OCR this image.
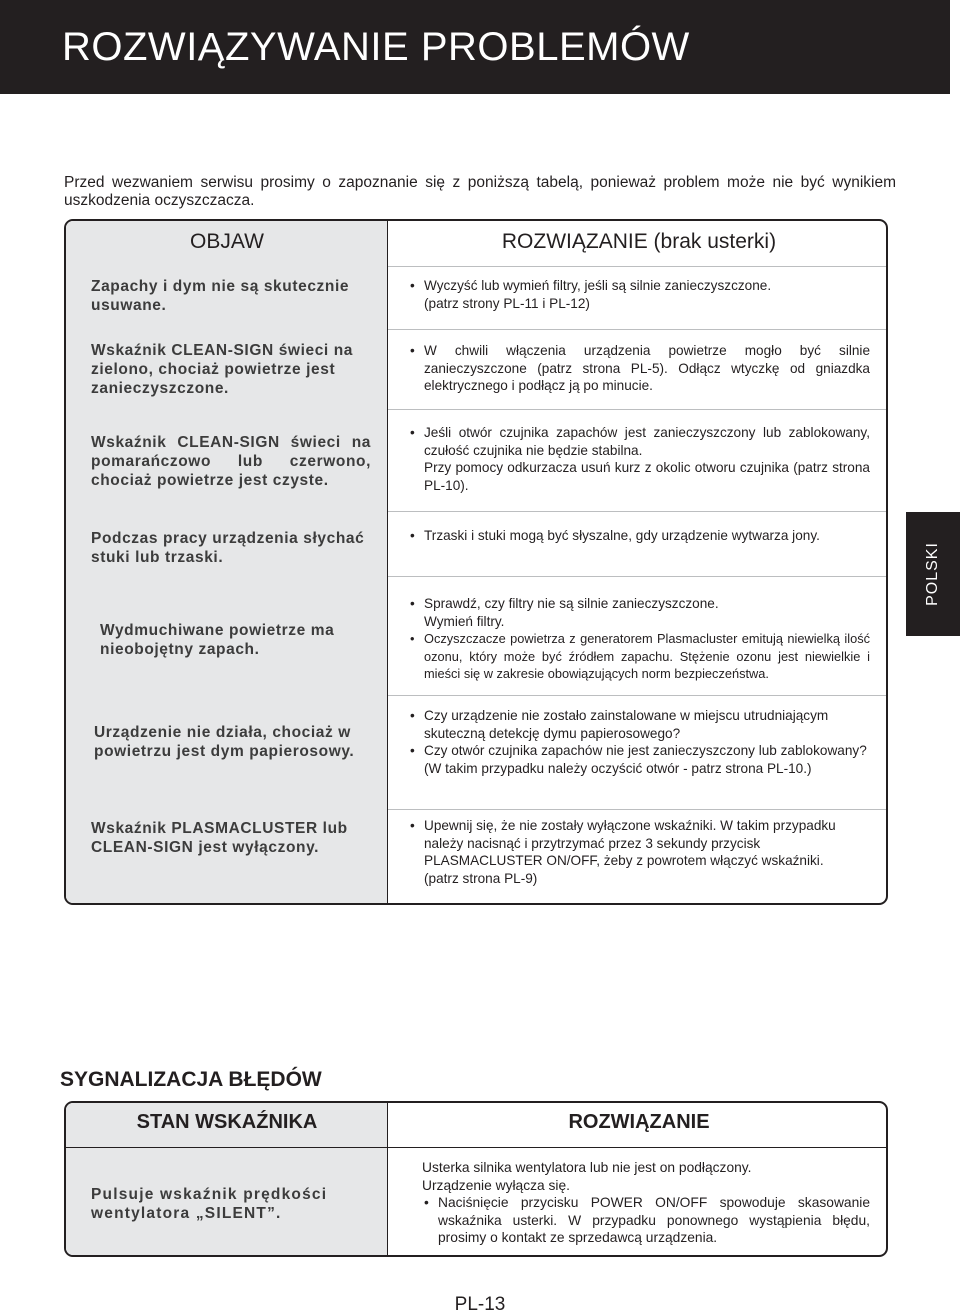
ROZWIĄZYWANIE PROBLEMÓW
Przed wezwaniem serwisu prosimy o zapoznanie się z poniższą tabelą, ponieważ problem może nie być wynikiem uszkodzenia oczyszczacza.
OBJAW	ROZWIĄZANIE (brak usterki)
Zapachy i dym nie są skutecznie usuwane.
• Wyczyść lub wymień filtry, jeśli są silnie zanieczyszczone.
(patrz strony PL-11 i PL-12)
Wskaźnik CLEAN-SIGN świeci na zielono, chociaż powietrze jest zanieczyszczone.
• W chwili włączenia urządzenia powietrze mogło być silnie zanieczyszczone (patrz strona PL-5). Odłącz wtyczkę od gniazdka elektrycznego i podłącz ją po minucie.
Wskaźnik CLEAN-SIGN świeci na pomarańczowo lub czerwono, chociaż powietrze jest czyste.
• Jeśli otwór czujnika zapachów jest zanieczyszczony lub zablokowany, czułość czujnika nie będzie stabilna.
Przy pomocy odkurzacza usuń kurz z okolic otworu czujnika (patrz strona PL-10).
Podczas pracy urządzenia słychać stuki lub trzaski.
• Trzaski i stuki mogą być słyszalne, gdy urządzenie wytwarza jony.
Wydmuchiwane powietrze ma nieobojętny zapach.
• Sprawdź, czy filtry nie są silnie zanieczyszczone.
Wymień filtry.
• Oczyszczacze powietrza z generatorem Plasmacluster emitują niewielką ilość ozonu, który może być źródłem zapachu. Stężenie ozonu jest niewielkie i mieści się w zakresie obowiązujących norm bezpieczeństwa.
Urządzenie nie działa, chociaż w powietrzu jest dym papierosowy.
• Czy urządzenie nie zostało zainstalowane w miejscu utrudniającym skuteczną detekcję dymu papierosowego?
• Czy otwór czujnika zapachów nie jest zanieczyszczony lub zablokowany?
(W takim przypadku należy oczyścić otwór - patrz strona PL-10.)
Wskaźnik PLASMACLUSTER lub CLEAN-SIGN jest wyłączony.
• Upewnij się, że nie zostały wyłączone wskaźniki. W takim przypadku należy nacisnąć i przytrzymać przez 3 sekundy przycisk PLASMACLUSTER ON/OFF, żeby z powrotem włączyć wskaźniki.
(patrz strona PL-9)
POLSKI
SYGNALIZACJA BŁĘDÓW
STAN WSKAŹNIKA	ROZWIĄZANIE
Pulsuje wskaźnik prędkości wentylatora „SILENT”.
Usterka silnika wentylatora lub nie jest on podłączony.
Urządzenie wyłącza się.
• Naciśnięcie przycisku POWER ON/OFF spowoduje skasowanie wskaźnika usterki. W przypadku ponownego wystąpienia błędu, prosimy o kontakt ze sprzedawcą urządzenia.
PL-13
